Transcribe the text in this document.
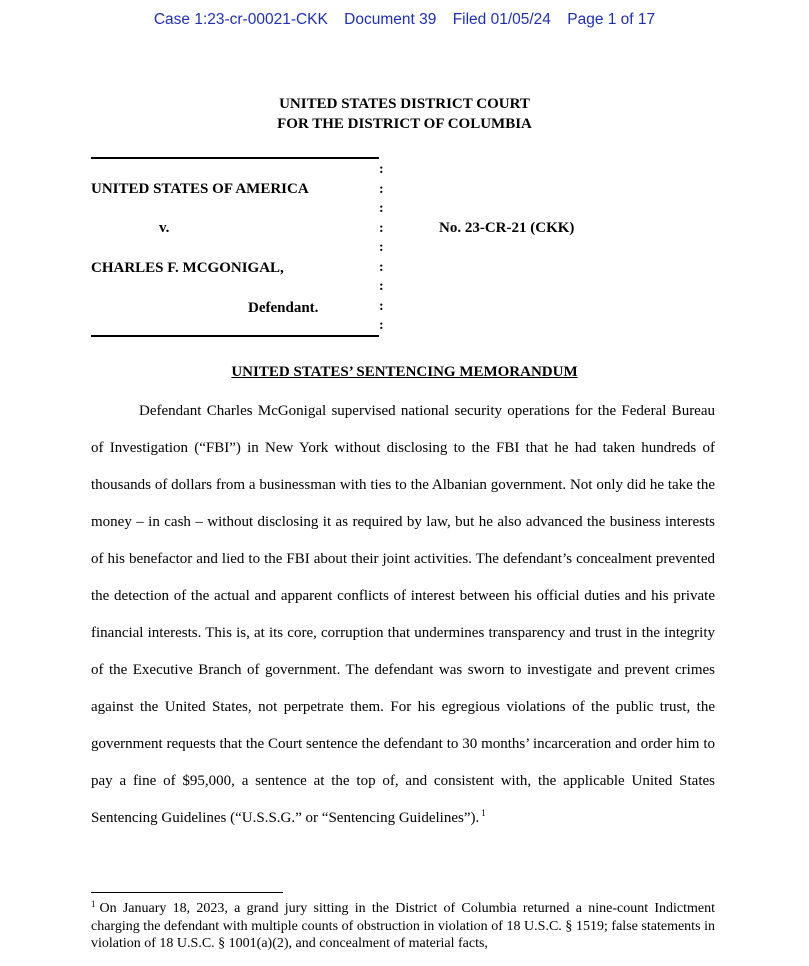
Case 1:23-cr-00021-CKK Document 39 Filed 01/05/24 Page 1 of 17
UNITED STATES DISTRICT COURT
FOR THE DISTRICT OF COLUMBIA
UNITED STATES OF AMERICA
v.
CHARLES F. MCGONIGAL,
Defendant.
:
:
:
:
:
:
:
:
:
No. 23-CR-21 (CKK)
UNITED STATES’ SENTENCING MEMORANDUM

Defendant Charles McGonigal supervised national security operations for the Federal Bureau of Investigation (“FBI”) in New York without disclosing to the FBI that he had taken hundreds of thousands of dollars from a businessman with ties to the Albanian government. Not only did he take the money – in cash – without disclosing it as required by law, but he also advanced the business interests of his benefactor and lied to the FBI about their joint activities. The defendant’s concealment prevented the detection of the actual and apparent conflicts of interest between his official duties and his private financial interests. This is, at its core, corruption that undermines transparency and trust in the integrity of the Executive Branch of government. The defendant was sworn to investigate and prevent crimes against the United States, not perpetrate them. For his egregious violations of the public trust, the government requests that the Court sentence the defendant to 30 months’ incarceration and order him to pay a fine of $95,000, a sentence at the top of, and consistent with, the applicable United States Sentencing Guidelines (“U.S.S.G.” or “Sentencing Guidelines”). $^1$

$^1$ On January 18, 2023, a grand jury sitting in the District of Columbia returned a nine-count Indictment charging the defendant with multiple counts of obstruction in violation of 18 U.S.C. § 1519; false statements in violation of 18 U.S.C. § 1001(a)(2), and concealment of material facts,
